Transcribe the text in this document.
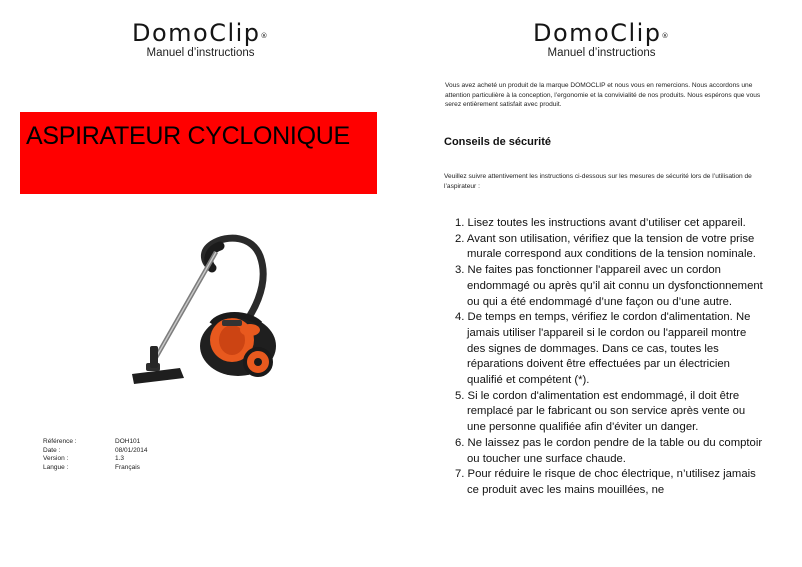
DomoClip®
Manuel d’instructions
ASPIRATEUR CYCLONIQUE
Référence :	DOH101
Date :	08/01/2014
Version :	1.3
Langue :	Français
DomoClip®
Manuel d’instructions
Vous avez acheté un produit de la marque DOMOCLIP et nous vous en remercions. Nous accordons une attention particulière à la conception, l’ergonomie et la convivialité de nos produits. Nous espérons que vous serez entièrement satisfait avec produit.
Conseils de sécurité
Veuillez suivre attentivement les instructions ci-dessous sur les mesures de sécurité lors de l’utilisation de l’aspirateur :
1. Lisez toutes les instructions avant d’utiliser cet appareil.
2. Avant son utilisation, vérifiez que la tension de votre prise murale correspond aux conditions de la tension nominale.
3. Ne faites pas fonctionner l'appareil avec un cordon endommagé ou après qu’il ait connu un dysfonctionnement ou qui a été endommagé d’une façon ou d’une autre.
4. De temps en temps, vérifiez le cordon d'alimentation. Ne jamais utiliser l'appareil si le cordon ou l'appareil montre des signes de dommages. Dans ce cas, toutes les réparations doivent être effectuées par un électricien qualifié et compétent (*).
5. Si le cordon d'alimentation est endommagé, il doit être remplacé par le fabricant ou son service après vente ou une personne qualifiée afin d'éviter un danger.
6. Ne laissez pas le cordon pendre de la table ou du comptoir ou toucher une surface chaude.
7. Pour réduire le risque de choc électrique, n’utilisez jamais ce produit avec les mains mouillées, ne
